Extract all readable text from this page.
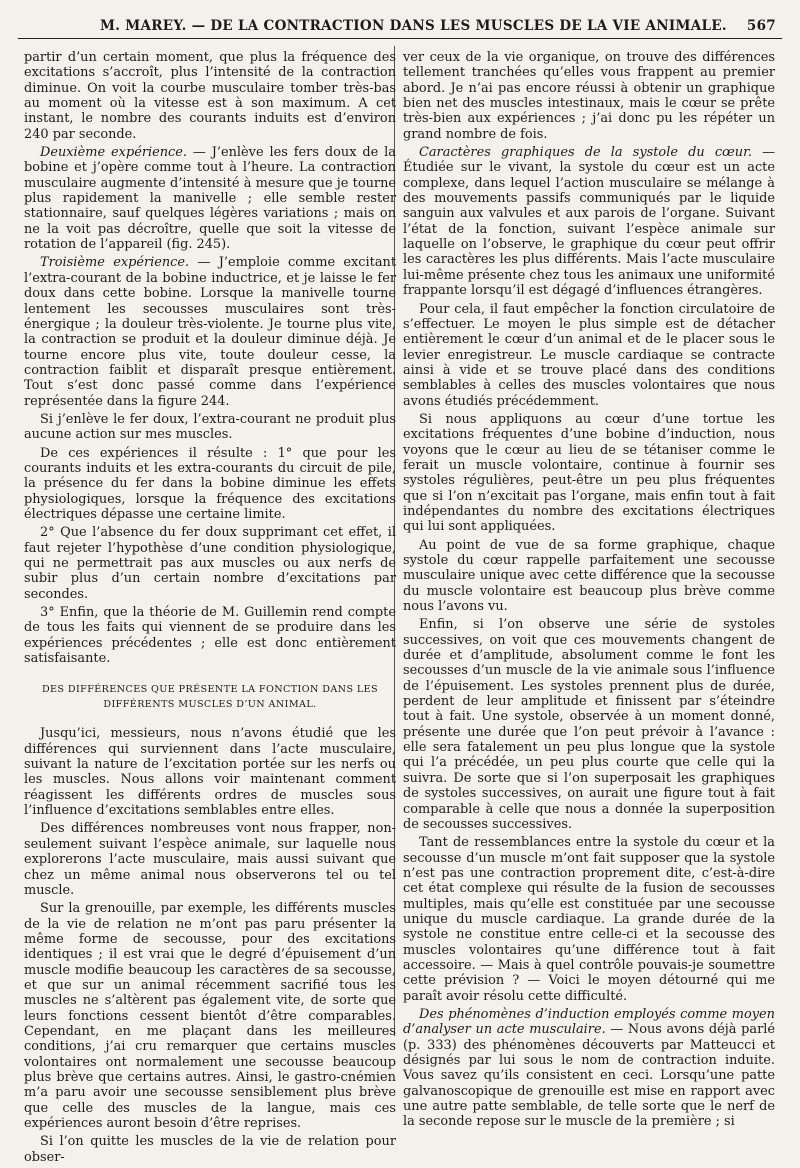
M. MAREY. — DE LA CONTRACTION DANS LES MUSCLES DE LA VIE ANIMALE. 567

partir d’un certain moment, que plus la fréquence des excitations s’accroît, plus l’intensité de la contraction diminue. On voit la courbe musculaire tomber très-bas au moment où la vitesse est à son maximum. A cet instant, le nombre des courants induits est d’environ 240 par seconde.

Deuxième expérience. — J’enlève les fers doux de la bobine et j’opère comme tout à l’heure. La contraction musculaire augmente d’intensité à mesure que je tourne plus rapidement la manivelle ; elle semble rester stationnaire, sauf quelques légères variations ; mais on ne la voit pas décroître, quelle que soit la vitesse de rotation de l’appareil (fig. 245).

Troisième expérience. — J’emploie comme excitant l’extra-courant de la bobine inductrice, et je laisse le fer doux dans cette bobine. Lorsque la manivelle tourne lentement les secousses musculaires sont très-énergique ; la douleur très-violente. Je tourne plus vite, la contraction se produit et la douleur diminue déjà. Je tourne encore plus vite, toute douleur cesse, la contraction faiblit et disparaît presque entièrement. Tout s’est donc passé comme dans l’expérience représentée dans la figure 244.

Si j’enlève le fer doux, l’extra-courant ne produit plus aucune action sur mes muscles.

De ces expériences il résulte : 1° que pour les courants induits et les extra-courants du circuit de pile, la présence du fer dans la bobine diminue les effets physiologiques, lorsque la fréquence des excitations électriques dépasse une certaine limite.

2° Que l’absence du fer doux supprimant cet effet, il faut rejeter l’hypothèse d’une condition physiologique, qui ne permettrait pas aux muscles ou aux nerfs de subir plus d’un certain nombre d’excitations par secondes.

3° Enfin, que la théorie de M. Guillemin rend compte de tous les faits qui viennent de se produire dans les expériences précédentes ; elle est donc entièrement satisfaisante.

DES DIFFÉRENCES QUE PRÉSENTE LA FONCTION DANS LES DIFFÉRENTS MUSCLES D’UN ANIMAL.

Jusqu’ici, messieurs, nous n’avons étudié que les différences qui surviennent dans l’acte musculaire, suivant la nature de l’excitation portée sur les nerfs ou les muscles. Nous allons voir maintenant comment réagissent les différents ordres de muscles sous l’influence d’excitations semblables entre elles.

Des différences nombreuses vont nous frapper, non-seulement suivant l’espèce animale, sur laquelle nous explorerons l’acte musculaire, mais aussi suivant que chez un même animal nous observerons tel ou tel muscle.

Sur la grenouille, par exemple, les différents muscles de la vie de relation ne m’ont pas paru présenter la même forme de secousse, pour des excitations identiques ; il est vrai que le degré d’épuisement d’un muscle modifie beaucoup les caractères de sa secousse, et que sur un animal récemment sacrifié tous les muscles ne s’altèrent pas également vite, de sorte que leurs fonctions cessent bientôt d’être comparables. Cependant, en me plaçant dans les meilleures conditions, j’ai cru remarquer que certains muscles volontaires ont normalement une secousse beaucoup plus brève que certains autres. Ainsi, le gastro-cnémien m’a paru avoir une secousse sensiblement plus brève que celle des muscles de la langue, mais ces expériences auront besoin d’être reprises.

Si l’on quitte les muscles de la vie de relation pour obser-

ver ceux de la vie organique, on trouve des différences tellement tranchées qu’elles vous frappent au premier abord. Je n’ai pas encore réussi à obtenir un graphique bien net des muscles intestinaux, mais le cœur se prête très-bien aux expériences ; j’ai donc pu les répéter un grand nombre de fois.

Caractères graphiques de la systole du cœur. — Étudiée sur le vivant, la systole du cœur est un acte complexe, dans lequel l’action musculaire se mélange à des mouvements passifs communiqués par le liquide sanguin aux valvules et aux parois de l’organe. Suivant l’état de la fonction, suivant l’espèce animale sur laquelle on l’observe, le graphique du cœur peut offrir les caractères les plus différents. Mais l’acte musculaire lui-même présente chez tous les animaux une uniformité frappante lorsqu’il est dégagé d’influences étrangères.

Pour cela, il faut empêcher la fonction circulatoire de s’effectuer. Le moyen le plus simple est de détacher entièrement le cœur d’un animal et de le placer sous le levier enregistreur. Le muscle cardiaque se contracte ainsi à vide et se trouve placé dans des conditions semblables à celles des muscles volontaires que nous avons étudiés précédemment.

Si nous appliquons au cœur d’une tortue les excitations fréquentes d’une bobine d’induction, nous voyons que le cœur au lieu de se tétaniser comme le ferait un muscle volontaire, continue à fournir ses systoles régulières, peut-être un peu plus fréquentes que si l’on n’excitait pas l’organe, mais enfin tout à fait indépendantes du nombre des excitations électriques qui lui sont appliquées.

Au point de vue de sa forme graphique, chaque systole du cœur rappelle parfaitement une secousse musculaire unique avec cette différence que la secousse du muscle volontaire est beaucoup plus brève comme nous l’avons vu.

Enfin, si l’on observe une série de systoles successives, on voit que ces mouvements changent de durée et d’amplitude, absolument comme le font les secousses d’un muscle de la vie animale sous l’influence de l’épuisement. Les systoles prennent plus de durée, perdent de leur amplitude et finissent par s’éteindre tout à fait. Une systole, observée à un moment donné, présente une durée que l’on peut prévoir à l’avance : elle sera fatalement un peu plus longue que la systole qui l’a précédée, un peu plus courte que celle qui la suivra. De sorte que si l’on superposait les graphiques de systoles successives, on aurait une figure tout à fait comparable à celle que nous a donnée la superposition de secousses successives.

Tant de ressemblances entre la systole du cœur et la secousse d’un muscle m’ont fait supposer que la systole n’est pas une contraction proprement dite, c’est-à-dire cet état complexe qui résulte de la fusion de secousses multiples, mais qu’elle est constituée par une secousse unique du muscle cardiaque. La grande durée de la systole ne constitue entre celle-ci et la secousse des muscles volontaires qu’une différence tout à fait accessoire. — Mais à quel contrôle pouvais-je soumettre cette prévision ? — Voici le moyen détourné qui me paraît avoir résolu cette difficulté.

Des phénomènes d’induction employés comme moyen d’analyser un acte musculaire. — Nous avons déjà parlé (p. 333) des phénomènes découverts par Matteucci et désignés par lui sous le nom de contraction induite. Vous savez qu’ils consistent en ceci. Lorsqu’une patte galvanoscopique de grenouille est mise en rapport avec une autre patte semblable, de telle sorte que le nerf de la seconde repose sur le muscle de la première ; si
